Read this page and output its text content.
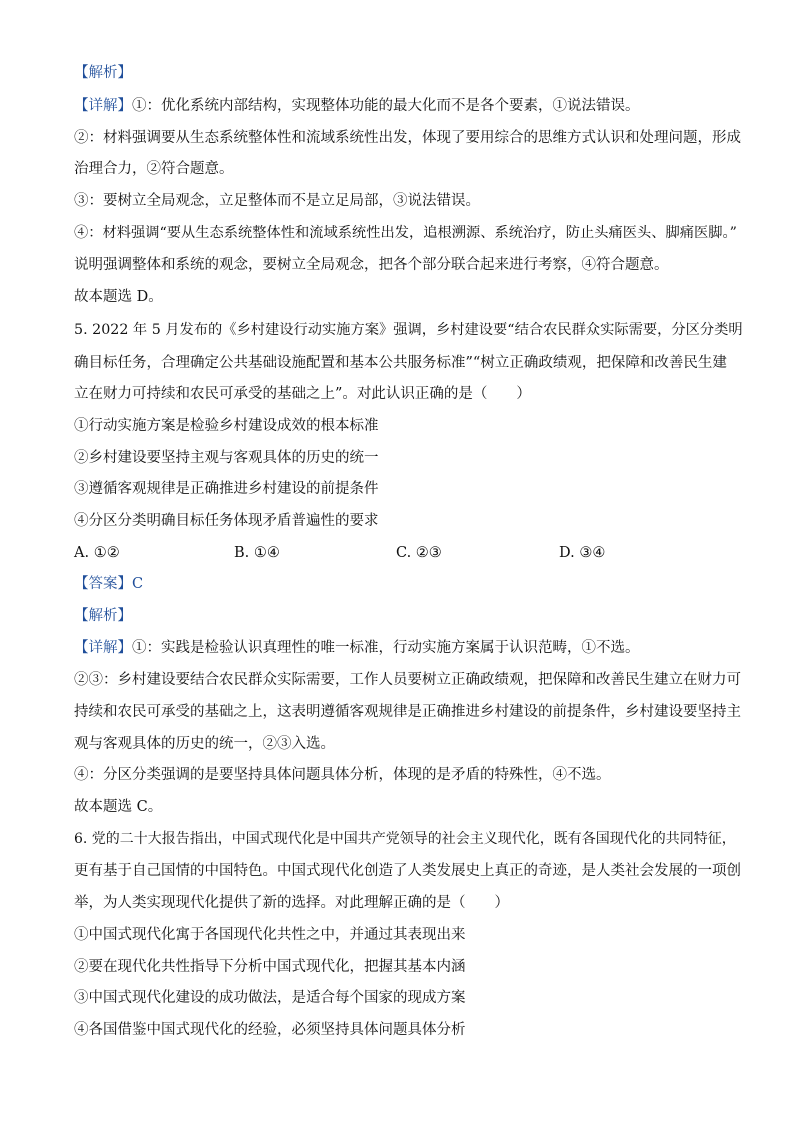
【解析】
【详解】①：优化系统内部结构，实现整体功能的最大化而不是各个要素，①说法错误。
②：材料强调要从生态系统整体性和流域系统性出发，体现了要用综合的思维方式认识和处理问题，形成
治理合力，②符合题意。
③：要树立全局观念，立足整体而不是立足局部，③说法错误。
④：材料强调“要从生态系统整体性和流域系统性出发，追根溯源、系统治疗，防止头痛医头、脚痛医脚。”
说明强调整体和系统的观念，要树立全局观念，把各个部分联合起来进行考察，④符合题意。
故本题选 D。
5. 2022 年 5 月发布的《乡村建设行动实施方案》强调，乡村建设要“结合农民群众实际需要，分区分类明
确目标任务，合理确定公共基础设施配置和基本公共服务标准”“树立正确政绩观，把保障和改善民生建
立在财力可持续和农民可承受的基础之上”。对此认识正确的是（　　）
①行动实施方案是检验乡村建设成效的根本标准
②乡村建设要坚持主观与客观具体的历史的统一
③遵循客观规律是正确推进乡村建设的前提条件
④分区分类明确目标任务体现矛盾普遍性的要求
A. ①②	B. ①④	C. ②③	D. ③④
【答案】C
【解析】
【详解】①：实践是检验认识真理性的唯一标准，行动实施方案属于认识范畴，①不选。
②③：乡村建设要结合农民群众实际需要，工作人员要树立正确政绩观，把保障和改善民生建立在财力可
持续和农民可承受的基础之上，这表明遵循客观规律是正确推进乡村建设的前提条件，乡村建设要坚持主
观与客观具体的历史的统一，②③入选。
④：分区分类强调的是要坚持具体问题具体分析，体现的是矛盾的特殊性，④不选。
故本题选 C。
6. 党的二十大报告指出，中国式现代化是中国共产党领导的社会主义现代化，既有各国现代化的共同特征，
更有基于自己国情的中国特色。中国式现代化创造了人类发展史上真正的奇迹，是人类社会发展的一项创
举，为人类实现现代化提供了新的选择。对此理解正确的是（　　）
①中国式现代化寓于各国现代化共性之中，并通过其表现出来
②要在现代化共性指导下分析中国式现代化，把握其基本内涵
③中国式现代化建设的成功做法，是适合每个国家的现成方案
④各国借鉴中国式现代化的经验，必须坚持具体问题具体分析
